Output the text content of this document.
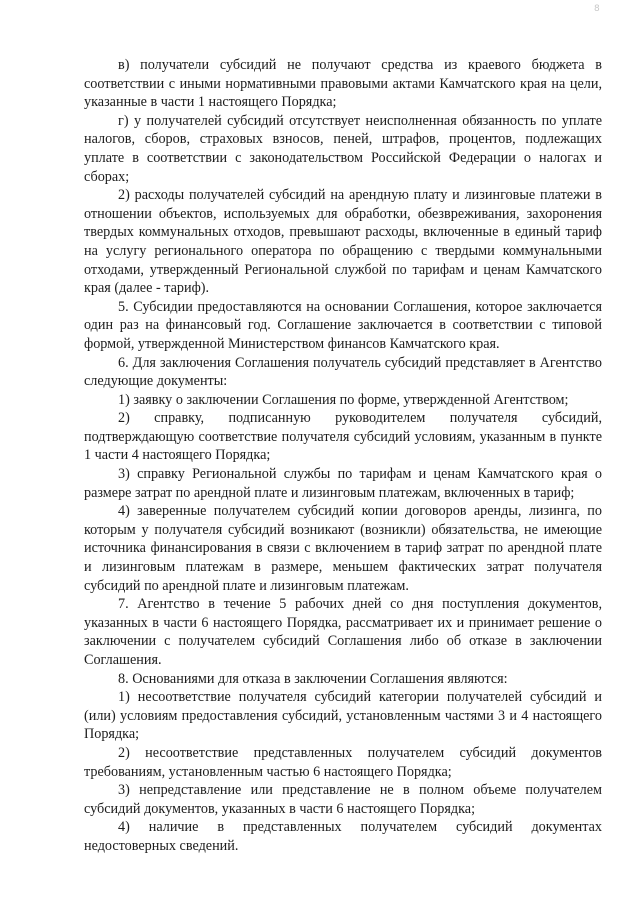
8

в) получатели субсидий не получают средства из краевого бюджета в соответствии с иными нормативными правовыми актами Камчатского края на цели, указанные в части 1 настоящего Порядка;

г) у получателей субсидий отсутствует неисполненная обязанность по уплате налогов, сборов, страховых взносов, пеней, штрафов, процентов, подлежащих уплате в соответствии с законодательством Российской Федерации о налогах и сборах;

2) расходы получателей субсидий на арендную плату и лизинговые платежи в отношении объектов, используемых для обработки, обезвреживания, захоронения твердых коммунальных отходов, превышают расходы, включенные в единый тариф на услугу регионального оператора по обращению с твердыми коммунальными отходами, утвержденный Региональной службой по тарифам и ценам Камчатского края (далее - тариф).

5. Субсидии предоставляются на основании Соглашения, которое заключается один раз на финансовый год. Соглашение заключается в соответствии с типовой формой, утвержденной Министерством финансов Камчатского края.

6. Для заключения Соглашения получатель субсидий представляет в Агентство следующие документы:

1) заявку о заключении Соглашения по форме, утвержденной Агентством;

2) справку, подписанную руководителем получателя субсидий, подтверждающую соответствие получателя субсидий условиям, указанным в пункте 1 части 4 настоящего Порядка;

3) справку Региональной службы по тарифам и ценам Камчатского края о размере затрат по арендной плате и лизинговым платежам, включенных в тариф;

4) заверенные получателем субсидий копии договоров аренды, лизинга, по которым у получателя субсидий возникают (возникли) обязательства, не имеющие источника финансирования в связи с включением в тариф затрат по арендной плате и лизинговым платежам в размере, меньшем фактических затрат получателя субсидий по арендной плате и лизинговым платежам.

7. Агентство в течение 5 рабочих дней со дня поступления документов, указанных в части 6 настоящего Порядка, рассматривает их и принимает решение о заключении с получателем субсидий Соглашения либо об отказе в заключении Соглашения.

8. Основаниями для отказа в заключении Соглашения являются:

1) несоответствие получателя субсидий категории получателей субсидий и (или) условиям предоставления субсидий, установленным частями 3 и 4 настоящего Порядка;

2) несоответствие представленных получателем субсидий документов требованиям, установленным частью 6 настоящего Порядка;

3) непредставление или представление не в полном объеме получателем субсидий документов, указанных в части 6 настоящего Порядка;

4) наличие в представленных получателем субсидий документах недостоверных сведений.
